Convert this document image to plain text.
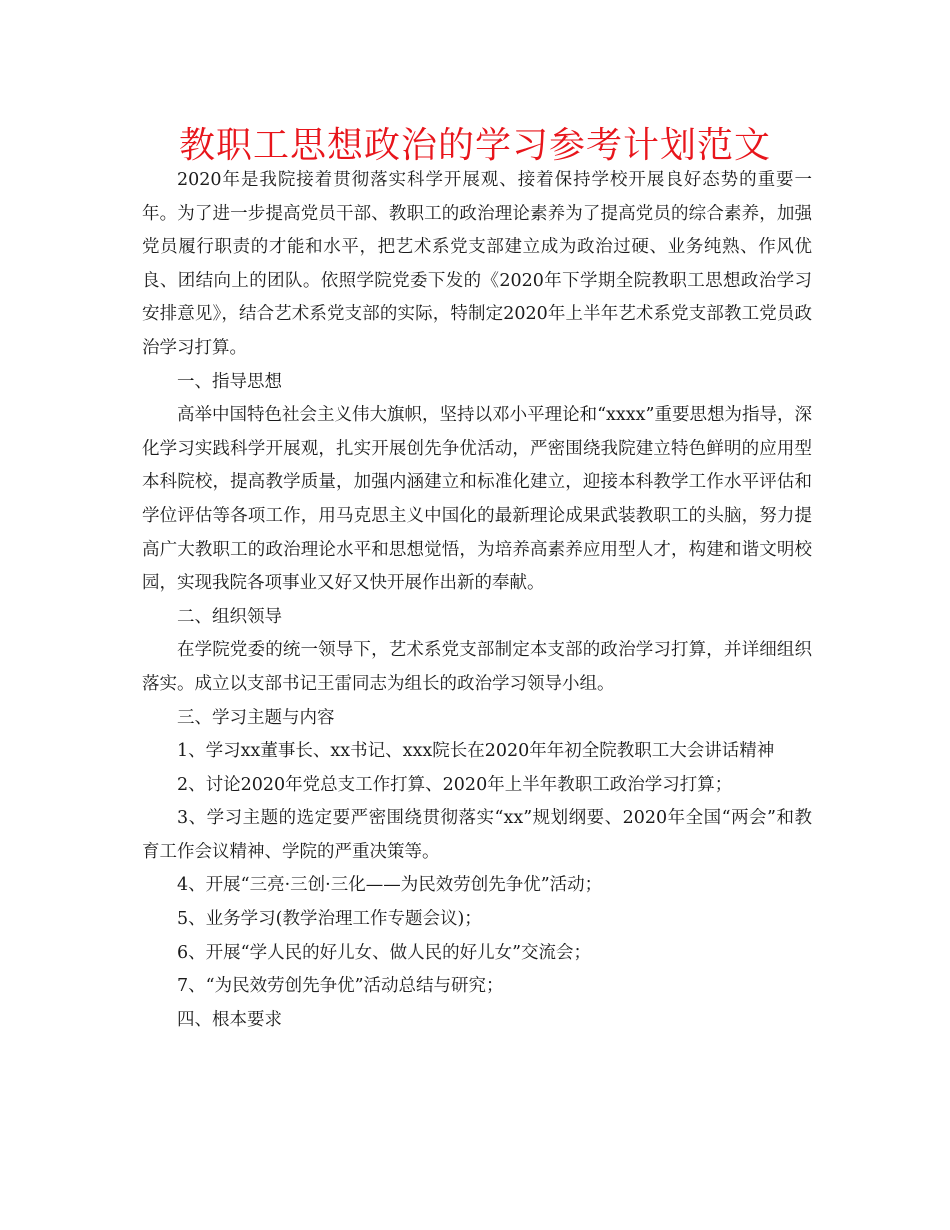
教职工思想政治的学习参考计划范文

2020年是我院接着贯彻落实科学开展观、接着保持学校开展良好态势的重要一年。为了进一步提高党员干部、教职工的政治理论素养为了提高党员的综合素养，加强党员履行职责的才能和水平，把艺术系党支部建立成为政治过硬、业务纯熟、作风优良、团结向上的团队。依照学院党委下发的《2020年下学期全院教职工思想政治学习安排意见》，结合艺术系党支部的实际，特制定2020年上半年艺术系党支部教工党员政治学习打算。

一、指导思想

高举中国特色社会主义伟大旗帜，坚持以邓小平理论和“xxxx”重要思想为指导，深化学习实践科学开展观，扎实开展创先争优活动，严密围绕我院建立特色鲜明的应用型本科院校，提高教学质量，加强内涵建立和标准化建立，迎接本科教学工作水平评估和学位评估等各项工作，用马克思主义中国化的最新理论成果武装教职工的头脑，努力提高广大教职工的政治理论水平和思想觉悟，为培养高素养应用型人才，构建和谐文明校园，实现我院各项事业又好又快开展作出新的奉献。

二、组织领导

在学院党委的统一领导下，艺术系党支部制定本支部的政治学习打算，并详细组织落实。成立以支部书记王雷同志为组长的政治学习领导小组。

三、学习主题与内容

1、学习xx董事长、xx书记、xxx院长在2020年年初全院教职工大会讲话精神

2、讨论2020年党总支工作打算、2020年上半年教职工政治学习打算；

3、学习主题的选定要严密围绕贯彻落实“xx”规划纲要、2020年全国“两会”和教育工作会议精神、学院的严重决策等。

4、开展“三亮·三创·三化——为民效劳创先争优”活动；

5、业务学习(教学治理工作专题会议)；

6、开展“学人民的好儿女、做人民的好儿女”交流会；

7、“为民效劳创先争优”活动总结与研究；

四、根本要求
